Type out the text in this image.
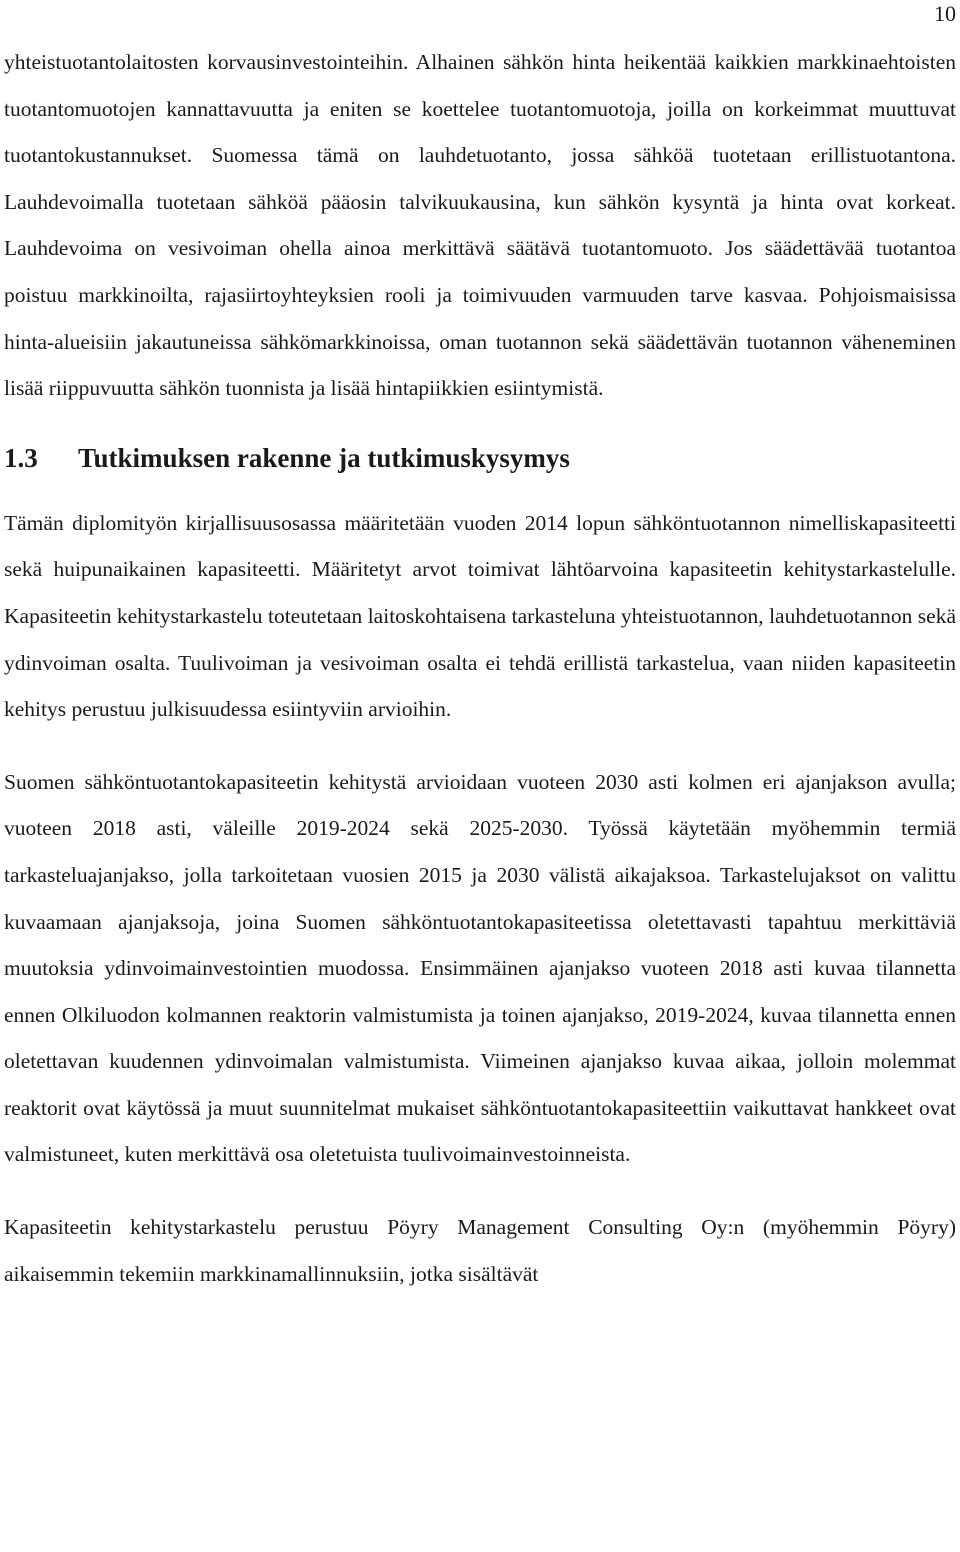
10

yhteistuotantolaitosten korvausinvestointeihin. Alhainen sähkön hinta heikentää kaikkien markkinaehtoisten tuotantomuotojen kannattavuutta ja eniten se koettelee tuotantomuotoja, joilla on korkeimmat muuttuvat tuotantokustannukset. Suomessa tämä on lauhdetuotanto, jossa sähköä tuotetaan erillistuotantona. Lauhdevoimalla tuotetaan sähköä pääosin talvikuukausina, kun sähkön kysyntä ja hinta ovat korkeat. Lauhdevoima on vesivoiman ohella ainoa merkittävä säätävä tuotantomuoto. Jos säädettävää tuotantoa poistuu markkinoilta, rajasiirtoyhteyksien rooli ja toimivuuden varmuuden tarve kasvaa. Pohjoismaisissa hinta-alueisiin jakautuneissa sähkömarkkinoissa, oman tuotannon sekä säädettävän tuotannon väheneminen lisää riippuvuutta sähkön tuonnista ja lisää hintapiikkien esiintymistä.

1.3	Tutkimuksen rakenne ja tutkimuskysymys

Tämän diplomityön kirjallisuusosassa määritetään vuoden 2014 lopun sähköntuotannon nimelliskapasiteetti sekä huipunaikainen kapasiteetti. Määritetyt arvot toimivat lähtöarvoina kapasiteetin kehitystarkastelulle. Kapasiteetin kehitystarkastelu toteutetaan laitoskohtaisena tarkasteluna yhteistuotannon, lauhdetuotannon sekä ydinvoiman osalta. Tuulivoiman ja vesivoiman osalta ei tehdä erillistä tarkastelua, vaan niiden kapasiteetin kehitys perustuu julkisuudessa esiintyviin arvioihin.

Suomen sähköntuotantokapasiteetin kehitystä arvioidaan vuoteen 2030 asti kolmen eri ajanjakson avulla; vuoteen 2018 asti, väleille 2019-2024 sekä 2025-2030. Työssä käytetään myöhemmin termiä tarkasteluajanjakso, jolla tarkoitetaan vuosien 2015 ja 2030 välistä aikajaksoa. Tarkastelujaksot on valittu kuvaamaan ajanjaksoja, joina Suomen sähköntuotantokapasiteetissa oletettavasti tapahtuu merkittäviä muutoksia ydinvoimainvestointien muodossa. Ensimmäinen ajanjakso vuoteen 2018 asti kuvaa tilannetta ennen Olkiluodon kolmannen reaktorin valmistumista ja toinen ajanjakso, 2019-2024, kuvaa tilannetta ennen oletettavan kuudennen ydinvoimalan valmistumista. Viimeinen ajanjakso kuvaa aikaa, jolloin molemmat reaktorit ovat käytössä ja muut suunnitelmat mukaiset sähköntuotantokapasiteettiin vaikuttavat hankkeet ovat valmistuneet, kuten merkittävä osa oletetuista tuulivoimainvestoinneista.

Kapasiteetin kehitystarkastelu perustuu Pöyry Management Consulting Oy:n (myöhemmin Pöyry) aikaisemmin tekemiin markkinamallinnuksiin, jotka sisältävät
